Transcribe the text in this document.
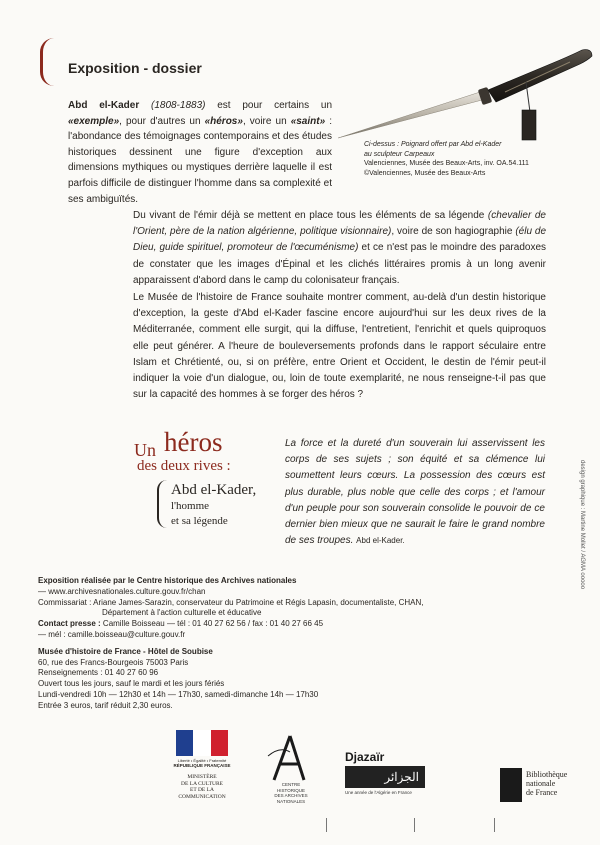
Exposition - dossier
Abd el-Kader (1808-1883) est pour certains un «exemple», pour d'autres un «héros», voire un «saint» : l'abondance des témoignages contemporains et des études historiques dessinent une figure d'exception aux dimensions mythiques ou mystiques derrière laquelle il est parfois difficile de distinguer l'homme dans sa complexité et ses ambiguïtés.
Ci-dessus : Poignard offert par Abd el-Kader
au sculpteur Carpeaux
Valenciennes, Musée des Beaux-Arts, inv. OA.54.111
©Valenciennes, Musée des Beaux-Arts

Du vivant de l'émir déjà se mettent en place tous les éléments de sa légende (chevalier de l'Orient, père de la nation algérienne, politique visionnaire), voire de son hagiographie (élu de Dieu, guide spirituel, promoteur de l'œcuménisme) et ce n'est pas le moindre des paradoxes de constater que les images d'Épinal et les clichés littéraires promis à un long avenir apparaissent d'abord dans le camp du colonisateur français.

Le Musée de l'histoire de France souhaite montrer comment, au-delà d'un destin historique d'exception, la geste d'Abd el-Kader fascine encore aujourd'hui sur les deux rives de la Méditerranée, comment elle surgit, qui la diffuse, l'entretient, l'enrichit et quels quiproquos elle peut générer. A l'heure de bouleversements profonds dans le rapport séculaire entre Islam et Chrétienté, ou, si on préfère, entre Orient et Occident, le destin de l'émir peut-il indiquer la voie d'un dialogue, ou, loin de toute exemplarité, ne nous renseigne-t-il pas que sur la capacité des hommes à se forger des héros ?

Un héros
des deux rives :
Abd el-Kader,
l'homme
et sa légende
La force et la dureté d'un souverain lui asservissent les corps de ses sujets ; son équité et sa clémence lui soumettent leurs cœurs. La possession des cœurs est plus durable, plus noble que celle des corps ; et l'amour d'un peuple pour son souverain consolide le pouvoir de ce dernier bien mieux que ne saurait le faire le grand nombre de ses troupes. Abd el-Kader.	design graphique : Martine Mollet / AGMA ooooo
Exposition réalisée par le Centre historique des Archives nationales
— www.archivesnationales.culture.gouv.fr/chan
Commissariat : Ariane James-Sarazin, conservateur du Patrimoine et Régis Lapasin, documentaliste, CHAN,
Département à l'action culturelle et éducative
Contact presse : Camille Boisseau — tél : 01 40 27 62 56 / fax : 01 40 27 66 45
— mél : camille.boisseau@culture.gouv.fr
Musée d'histoire de France - Hôtel de Soubise
60, rue des Francs-Bourgeois 75003 Paris
Renseignements : 01 40 27 60 96
Ouvert tous les jours, sauf le mardi et les jours fériés
Lundi-vendredi 10h — 12h30 et 14h — 17h30, samedi-dimanche 14h — 17h30
Entrée 3 euros, tarif réduit 2,30 euros.
Liberté • Égalité • Fraternité
RÉPUBLIQUE FRANÇAISE
MINISTÈRE
DE LA CULTURE
ET DE LA
COMMUNICATION
CENTRE
HISTORIQUE
DES ARCHIVES
NATIONALES
Djazaïr
الجزائر
Une année de l'Algérie en France
Bibliothèque
nationale
de France
